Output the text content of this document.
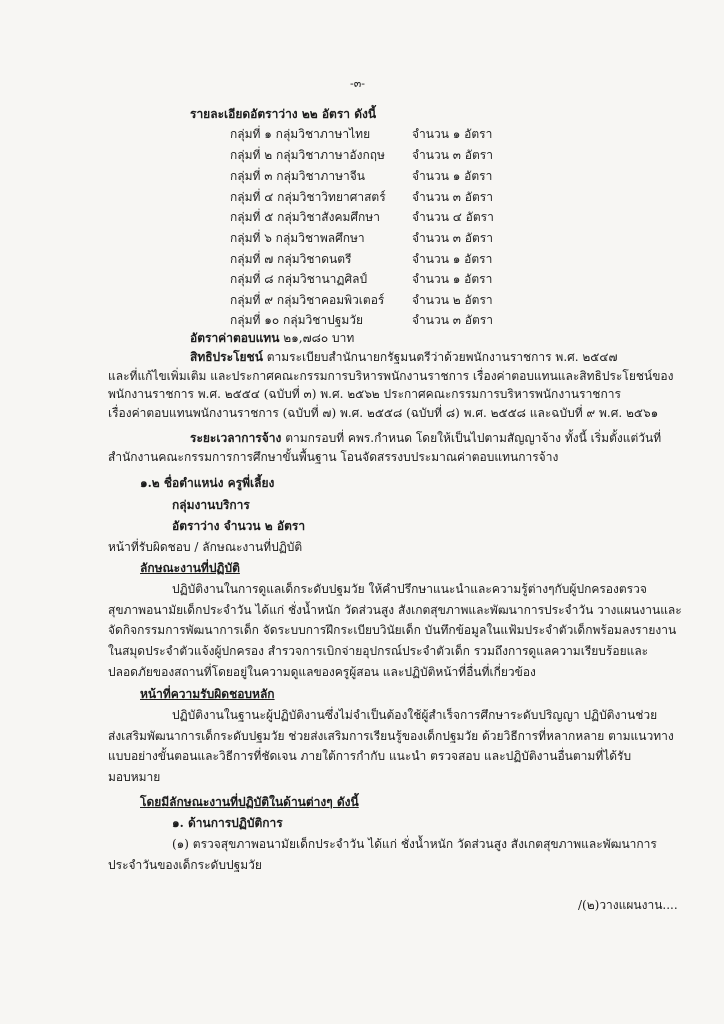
-๓-
รายละเอียดอัตราว่าง ๒๒ อัตรา ดังนี้
กลุ่มที่ ๑ กลุ่มวิชาภาษาไทย	จำนวน ๑ อัตรา
กลุ่มที่ ๒ กลุ่มวิชาภาษาอังกฤษ จำนวน ๓ อัตรา
กลุ่มที่ ๓ กลุ่มวิชาภาษาจีน	จำนวน ๑ อัตรา
กลุ่มที่ ๔ กลุ่มวิชาวิทยาศาสตร์ จำนวน ๓ อัตรา
กลุ่มที่ ๕ กลุ่มวิชาสังคมศึกษา	จำนวน ๔ อัตรา
กลุ่มที่ ๖ กลุ่มวิชาพลศึกษา	จำนวน ๓ อัตรา
กลุ่มที่ ๗ กลุ่มวิชาดนตรี	จำนวน ๑ อัตรา
กลุ่มที่ ๘ กลุ่มวิชานาฏศิลป์	จำนวน ๑ อัตรา
กลุ่มที่ ๙ กลุ่มวิชาคอมพิวเตอร์ จำนวน ๒ อัตรา
กลุ่มที่ ๑๐ กลุ่มวิชาปฐมวัย	จำนวน ๓ อัตรา
อัตราค่าตอบแทน ๒๑,๗๘๐ บาท
สิทธิประโยชน์ ตามระเบียบสำนักนายกรัฐมนตรีว่าด้วยพนักงานราชการ พ.ศ. ๒๕๔๗
และที่แก้ไขเพิ่มเติม และประกาศคณะกรรมการบริหารพนักงานราชการ เรื่องค่าตอบแทนและสิทธิประโยชน์ของ
พนักงานราชการ พ.ศ. ๒๕๕๔ (ฉบับที่ ๓) พ.ศ. ๒๕๖๒ ประกาศคณะกรรมการบริหารพนักงานราชการ
เรื่องค่าตอบแทนพนักงานราชการ (ฉบับที่ ๗) พ.ศ. ๒๕๕๘ (ฉบับที่ ๘) พ.ศ. ๒๕๕๘ และฉบับที่ ๙ พ.ศ. ๒๕๖๑
ระยะเวลาการจ้าง ตามกรอบที่ คพร.กำหนด โดยให้เป็นไปตามสัญญาจ้าง ทั้งนี้ เริ่มตั้งแต่วันที่
สำนักงานคณะกรรมการการศึกษาขั้นพื้นฐาน โอนจัดสรรงบประมาณค่าตอบแทนการจ้าง
๑.๒ ชื่อตำแหน่ง ครูพี่เลี้ยง
กลุ่มงานบริการ
อัตราว่าง จำนวน ๒ อัตรา
หน้าที่รับผิดชอบ / ลักษณะงานที่ปฏิบัติ
ลักษณะงานที่ปฏิบัติ
ปฏิบัติงานในการดูแลเด็กระดับปฐมวัย ให้คำปรึกษาแนะนำและความรู้ต่างๆกับผู้ปกครองตรวจ
สุขภาพอนามัยเด็กประจำวัน ได้แก่ ชั่งน้ำหนัก วัดส่วนสูง สังเกตสุขภาพและพัฒนาการประจำวัน วางแผนงานและ
จัดกิจกรรมการพัฒนาการเด็ก จัดระบบการฝึกระเบียบวินัยเด็ก บันทึกข้อมูลในแฟ้มประจำตัวเด็กพร้อมลงรายงาน
ในสมุดประจำตัวแจ้งผู้ปกครอง สำรวจการเบิกจ่ายอุปกรณ์ประจำตัวเด็ก รวมถึงการดูแลความเรียบร้อยและ
ปลอดภัยของสถานที่โดยอยู่ในความดูแลของครูผู้สอน และปฏิบัติหน้าที่อื่นที่เกี่ยวข้อง
หน้าที่ความรับผิดชอบหลัก
ปฏิบัติงานในฐานะผู้ปฏิบัติงานซึ่งไม่จำเป็นต้องใช้ผู้สำเร็จการศึกษาระดับปริญญา ปฏิบัติงานช่วย
ส่งเสริมพัฒนาการเด็กระดับปฐมวัย ช่วยส่งเสริมการเรียนรู้ของเด็กปฐมวัย ด้วยวิธีการที่หลากหลาย ตามแนวทาง
แบบอย่างขั้นตอนและวิธีการที่ชัดเจน ภายใต้การกำกับ แนะนำ ตรวจสอบ และปฏิบัติงานอื่นตามที่ได้รับ
มอบหมาย
โดยมีลักษณะงานที่ปฏิบัติในด้านต่างๆ ดังนี้
๑. ด้านการปฏิบัติการ
(๑) ตรวจสุขภาพอนามัยเด็กประจำวัน ได้แก่ ชั่งน้ำหนัก วัดส่วนสูง สังเกตสุขภาพและพัฒนาการ
ประจำวันของเด็กระดับปฐมวัย
/(๒)วางแผนงาน....
